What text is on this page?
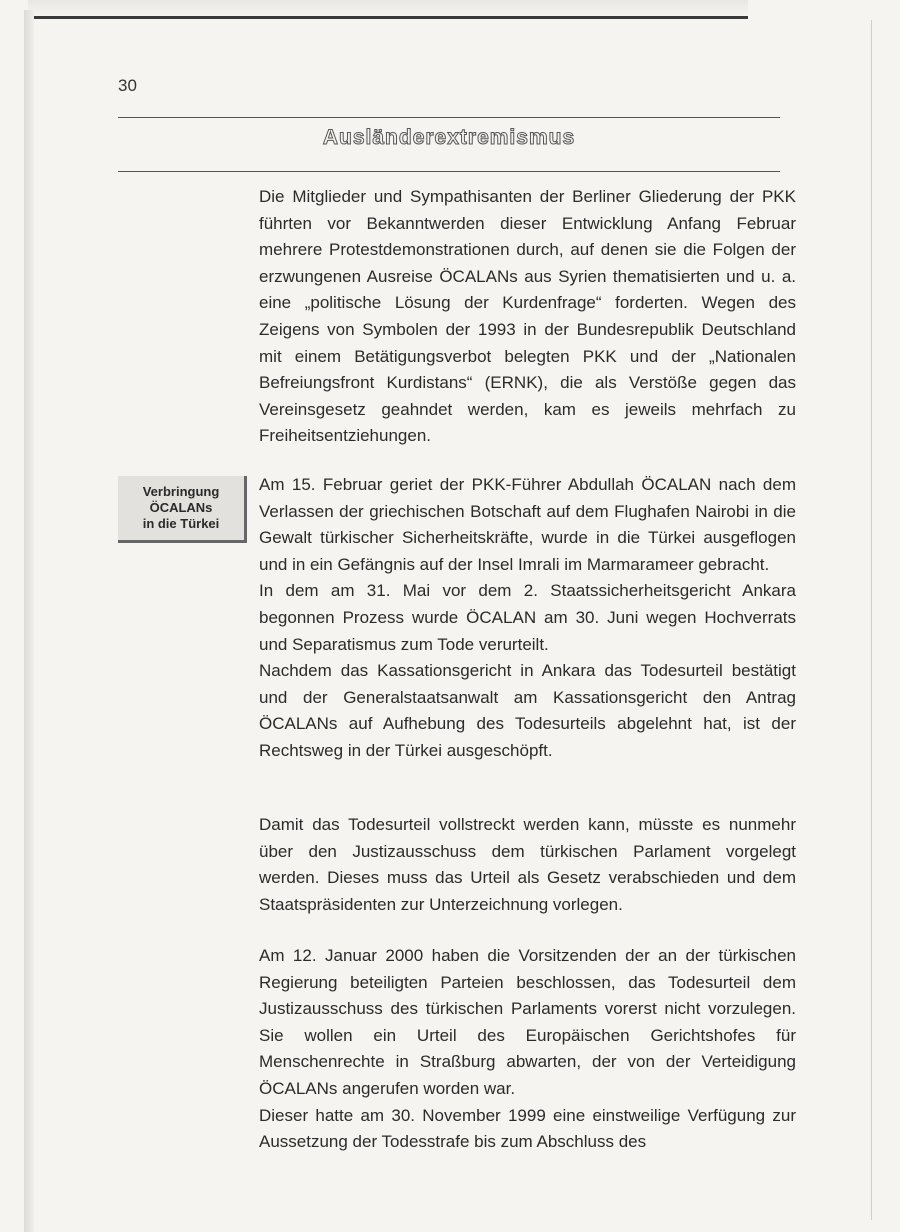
30
Ausländerextremismus

Die Mitglieder und Sympathisanten der Berliner Gliederung der PKK führten vor Bekanntwerden dieser Entwicklung Anfang Februar mehrere Protestdemonstrationen durch, auf denen sie die Folgen der erzwungenen Ausreise ÖCALANs aus Syrien thematisierten und u. a. eine „politische Lösung der Kurdenfrage“ forderten. Wegen des Zeigens von Symbolen der 1993 in der Bundesrepublik Deutschland mit einem Betätigungsverbot belegten PKK und der „Nationalen Befreiungsfront Kurdistans“ (ERNK), die als Verstöße gegen das Vereinsgesetz geahndet werden, kam es jeweils mehrfach zu Freiheitsentziehungen.

Verbringung
ÖCALANs
in die Türkei

Am 15. Februar geriet der PKK-Führer Abdullah ÖCALAN nach dem Verlassen der griechischen Botschaft auf dem Flughafen Nairobi in die Gewalt türkischer Sicherheitskräfte, wurde in die Türkei ausgeflogen und in ein Gefängnis auf der Insel Imrali im Marmarameer gebracht.

In dem am 31. Mai vor dem 2. Staatssicherheitsgericht Ankara begonnen Prozess wurde ÖCALAN am 30. Juni wegen Hochverrats und Separatismus zum Tode verurteilt.

Nachdem das Kassationsgericht in Ankara das Todesurteil bestätigt und der Generalstaatsanwalt am Kassationsgericht den Antrag ÖCALANs auf Aufhebung des Todesurteils abgelehnt hat, ist der Rechtsweg in der Türkei ausgeschöpft.

Damit das Todesurteil vollstreckt werden kann, müsste es nunmehr über den Justizausschuss dem türkischen Parlament vorgelegt werden. Dieses muss das Urteil als Gesetz verabschieden und dem Staatspräsidenten zur Unterzeichnung vorlegen.

Am 12. Januar 2000 haben die Vorsitzenden der an der türkischen Regierung beteiligten Parteien beschlossen, das Todesurteil dem Justizausschuss des türkischen Parlaments vorerst nicht vorzulegen. Sie wollen ein Urteil des Europäischen Gerichtshofes für Menschenrechte in Straßburg abwarten, der von der Verteidigung ÖCALANs angerufen worden war.

Dieser hatte am 30. November 1999 eine einstweilige Verfügung zur Aussetzung der Todesstrafe bis zum Abschluss des
